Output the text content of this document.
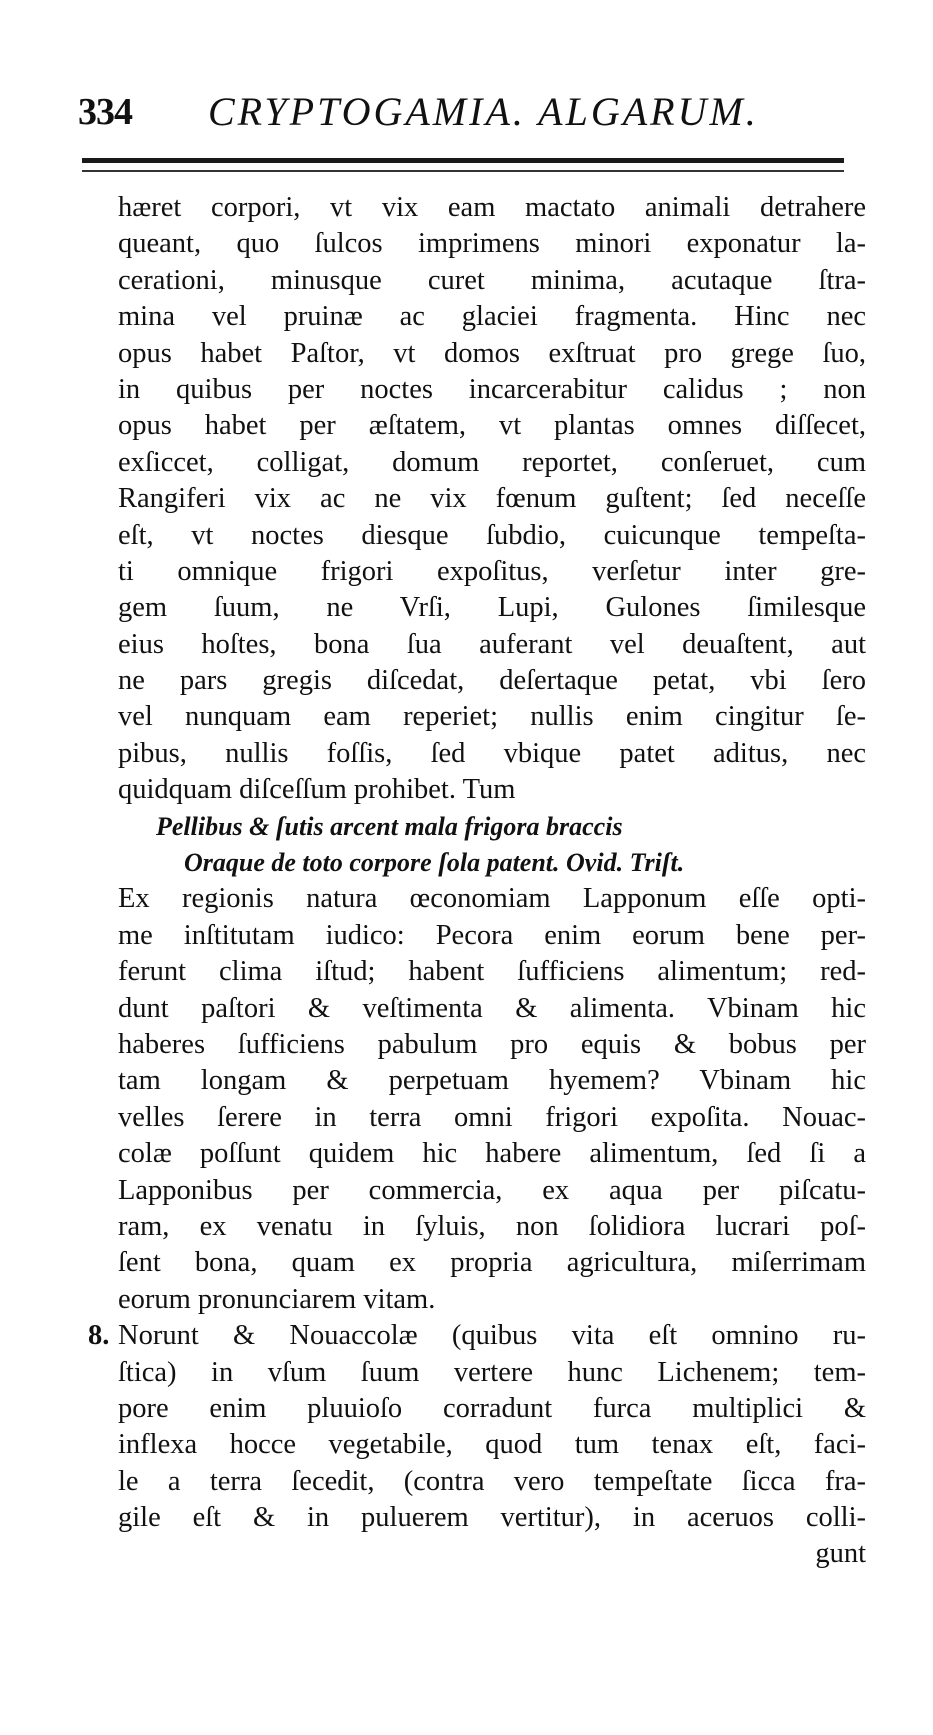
334 CRYPTOGAMIA. ALGARUM.
hæret corpori, vt vix eam mactato animali detrahere
queant, quo ſulcos imprimens minori exponatur la-
cerationi, minusque curet minima, acutaque ſtra-
mina vel pruinæ ac glaciei fragmenta. Hinc nec
opus habet Paſtor, vt domos exſtruat pro grege ſuo,
in quibus per noctes incarcerabitur calidus ; non
opus habet per æſtatem, vt plantas omnes diſſecet,
exſiccet, colligat, domum reportet, conſeruet, cum
Rangiferi vix ac ne vix fœnum guſtent; ſed neceſſe
eſt, vt noctes diesque ſubdio, cuicunque tempeſta-
ti omnique frigori expoſitus, verſetur inter gre-
gem ſuum, ne Vrſi, Lupi, Gulones ſimilesque
eius hoſtes, bona ſua auferant vel deuaſtent, aut
ne pars gregis diſcedat, deſertaque petat, vbi ſero
vel nunquam eam reperiet; nullis enim cingitur ſe-
pibus, nullis foſſis, ſed vbique patet aditus, nec
quidquam diſceſſum prohibet. Tum
Pellibus & ſutis arcent mala frigora braccis
Oraque de toto corpore ſola patent. Ovid. Triſt.
Ex regionis natura œconomiam Lapponum eſſe opti-
me inſtitutam iudico: Pecora enim eorum bene per-
ferunt clima iſtud; habent ſufficiens alimentum; red-
dunt paſtori & veſtimenta & alimenta. Vbinam hic
haberes ſufficiens pabulum pro equis & bobus per
tam longam & perpetuam hyemem? Vbinam hic
velles ſerere in terra omni frigori expoſita. Nouac-
colæ poſſunt quidem hic habere alimentum, ſed ſi a
Lapponibus per commercia, ex aqua per piſcatu-
ram, ex venatu in ſyluis, non ſolidiora lucrari poſ-
ſent bona, quam ex propria agricultura, miſerrimam
eorum pronunciarem vitam.
8. Norunt & Nouaccolæ (quibus vita eſt omnino ru-
ſtica) in vſum ſuum vertere hunc Lichenem; tem-
pore enim pluuioſo corradunt furca multiplici &
inflexa hocce vegetabile, quod tum tenax eſt, faci-
le a terra ſecedit, (contra vero tempeſtate ſicca fra-
gile eſt & in puluerem vertitur), in aceruos colli-
gunt
